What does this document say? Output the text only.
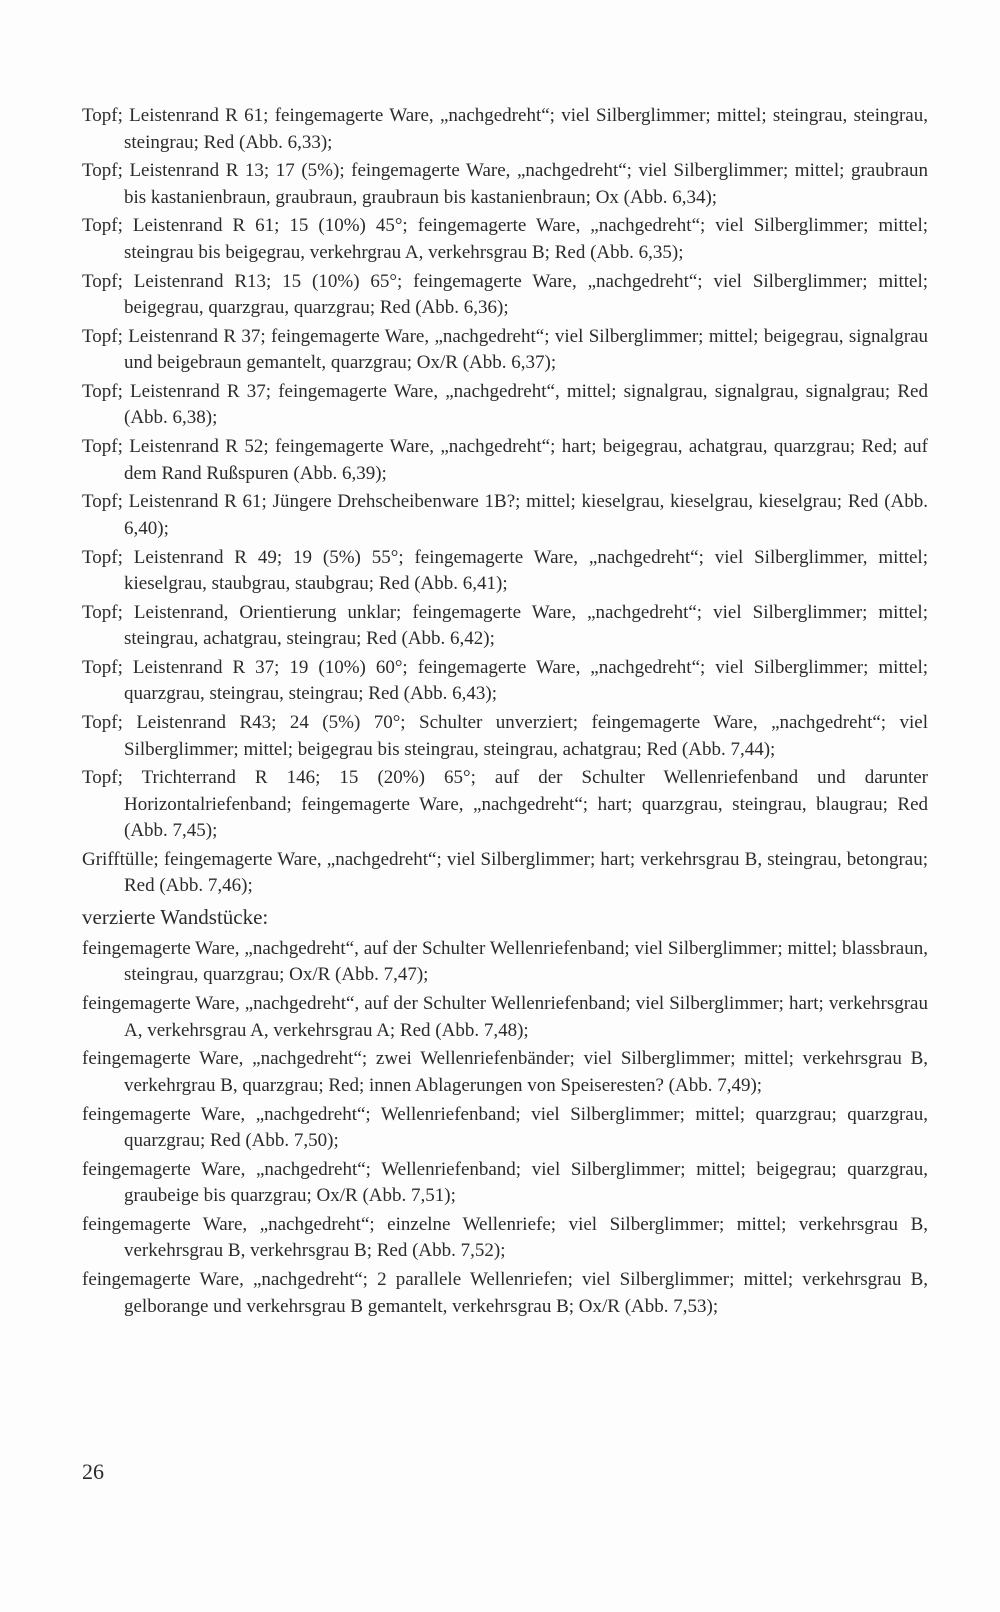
Topf; Leistenrand R 61; feingemagerte Ware, „nachgedreht“; viel Silberglimmer; mittel; steingrau, steingrau, steingrau; Red (Abb. 6,33);

Topf; Leistenrand R 13; 17 (5%); feingemagerte Ware, „nachgedreht“; viel Silberglimmer; mittel; graubraun bis kastanienbraun, graubraun, graubraun bis kastanienbraun; Ox (Abb. 6,34);

Topf; Leistenrand R 61; 15 (10%) 45°; feingemagerte Ware, „nachgedreht“; viel Silberglimmer; mittel; steingrau bis beigegrau, verkehrgrau A, verkehrsgrau B; Red (Abb. 6,35);

Topf; Leistenrand R13; 15 (10%) 65°; feingemagerte Ware, „nachgedreht“; viel Silberglimmer; mittel; beigegrau, quarzgrau, quarzgrau; Red (Abb. 6,36);

Topf; Leistenrand R 37; feingemagerte Ware, „nachgedreht“; viel Silberglimmer; mittel; beigegrau, signalgrau und beigebraun gemantelt, quarzgrau; Ox/R (Abb. 6,37);

Topf; Leistenrand R 37; feingemagerte Ware, „nachgedreht“, mittel; signalgrau, signalgrau, signalgrau; Red (Abb. 6,38);

Topf; Leistenrand R 52; feingemagerte Ware, „nachgedreht“; hart; beigegrau, achatgrau, quarzgrau; Red; auf dem Rand Rußspuren (Abb. 6,39);

Topf; Leistenrand R 61; Jüngere Drehscheibenware 1B?; mittel; kieselgrau, kieselgrau, kieselgrau; Red (Abb. 6,40);

Topf; Leistenrand R 49; 19 (5%) 55°; feingemagerte Ware, „nachgedreht“; viel Silberglimmer, mittel; kieselgrau, staubgrau, staubgrau; Red (Abb. 6,41);

Topf; Leistenrand, Orientierung unklar; feingemagerte Ware, „nachgedreht“; viel Silberglimmer; mittel; steingrau, achatgrau, steingrau; Red (Abb. 6,42);

Topf; Leistenrand R 37; 19 (10%) 60°; feingemagerte Ware, „nachgedreht“; viel Silberglimmer; mittel; quarzgrau, steingrau, steingrau; Red (Abb. 6,43);

Topf; Leistenrand R43; 24 (5%) 70°; Schulter unverziert; feingemagerte Ware, „nachgedreht“; viel Silberglimmer; mittel; beigegrau bis steingrau, steingrau, achatgrau; Red (Abb. 7,44);

Topf; Trichterrand R 146; 15 (20%) 65°; auf der Schulter Wellenriefenband und darunter Horizontalriefenband; feingemagerte Ware, „nachgedreht“; hart; quarzgrau, steingrau, blaugrau; Red (Abb. 7,45);

Grifftülle; feingemagerte Ware, „nachgedreht“; viel Silberglimmer; hart; verkehrsgrau B, steingrau, betongrau; Red (Abb. 7,46);

verzierte Wandstücke:

feingemagerte Ware, „nachgedreht“, auf der Schulter Wellenriefenband; viel Silberglimmer; mittel; blassbraun, steingrau, quarzgrau; Ox/R (Abb. 7,47);

feingemagerte Ware, „nachgedreht“, auf der Schulter Wellenriefenband; viel Silberglimmer; hart; verkehrsgrau A, verkehrsgrau A, verkehrsgrau A; Red (Abb. 7,48);

feingemagerte Ware, „nachgedreht“; zwei Wellenriefenbänder; viel Silberglimmer; mittel; verkehrsgrau B, verkehrgrau B, quarzgrau; Red; innen Ablagerungen von Speiseresten? (Abb. 7,49);

feingemagerte Ware, „nachgedreht“; Wellenriefenband; viel Silberglimmer; mittel; quarzgrau; quarzgrau, quarzgrau; Red (Abb. 7,50);

feingemagerte Ware, „nachgedreht“; Wellenriefenband; viel Silberglimmer; mittel; beigegrau; quarzgrau, graubeige bis quarzgrau; Ox/R (Abb. 7,51);

feingemagerte Ware, „nachgedreht“; einzelne Wellenriefe; viel Silberglimmer; mittel; verkehrsgrau B, verkehrsgrau B, verkehrsgrau B; Red (Abb. 7,52);

feingemagerte Ware, „nachgedreht“; 2 parallele Wellenriefen; viel Silberglimmer; mittel; verkehrsgrau B, gelborange und verkehrsgrau B gemantelt, verkehrsgrau B; Ox/R (Abb. 7,53);

26
